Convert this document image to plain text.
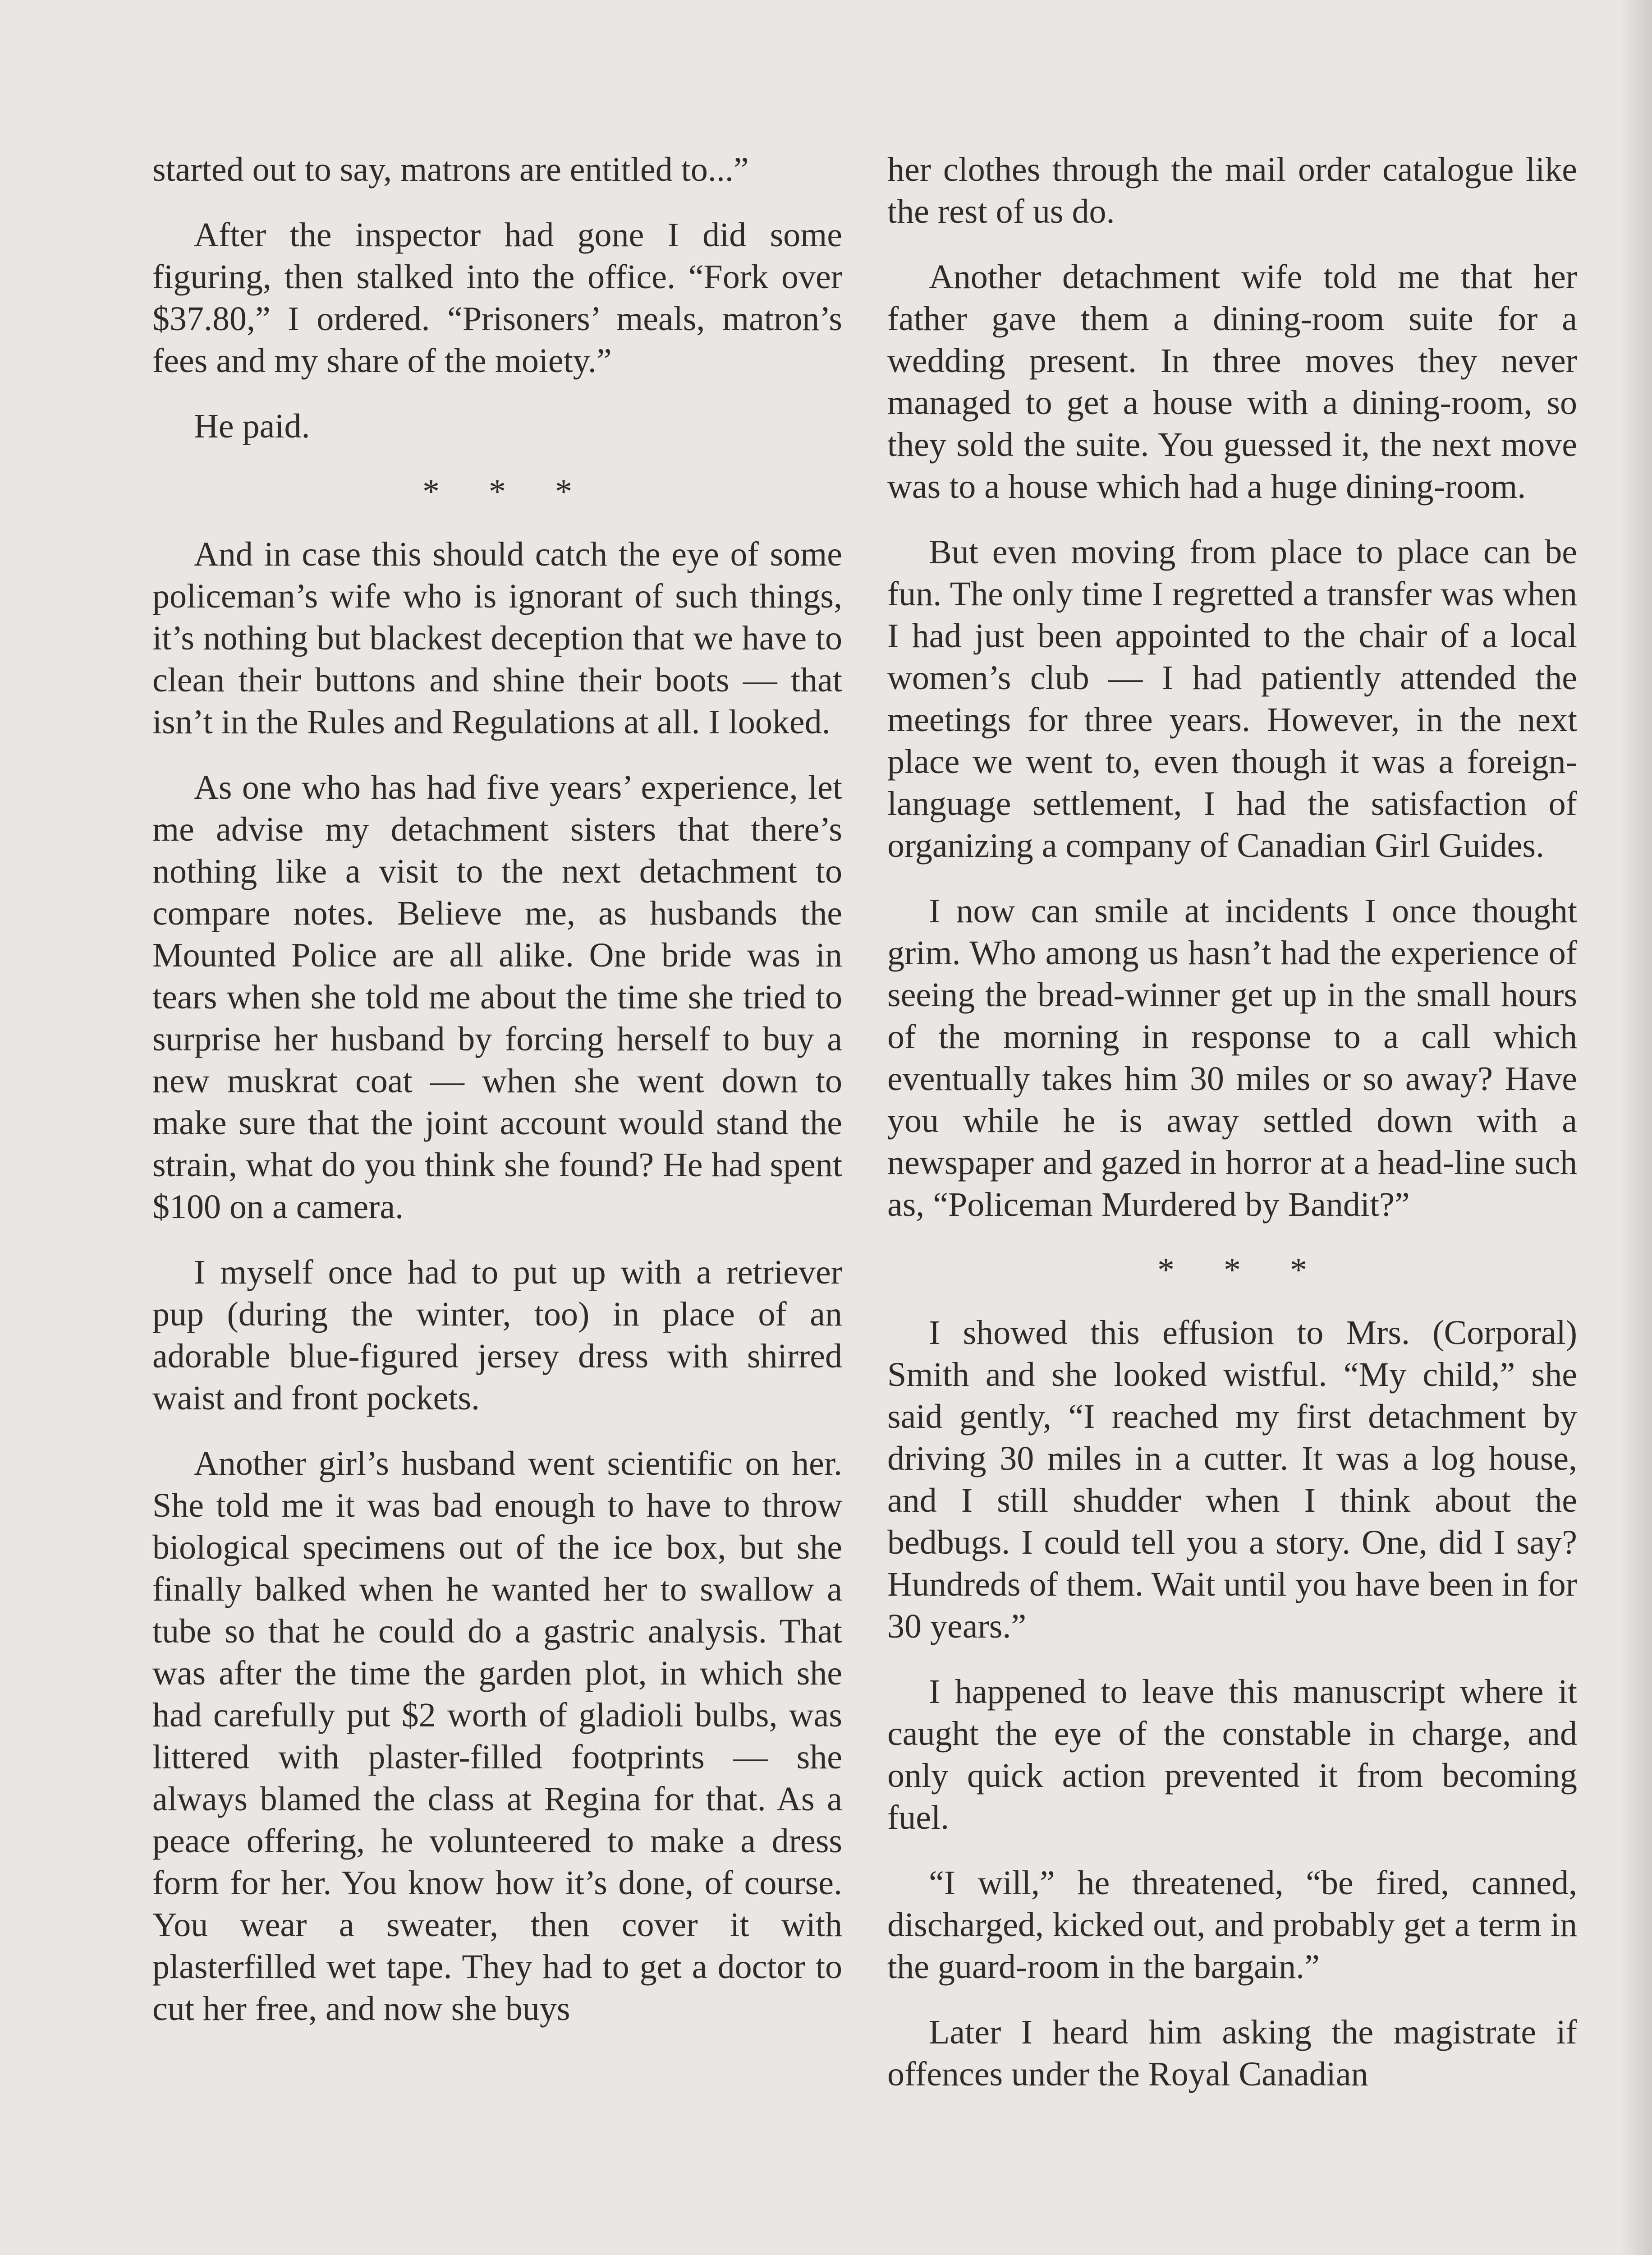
started out to say, matrons are entitled to...”

After the inspector had gone I did some figuring, then stalked into the office. “Fork over $37.80,” I ordered. “Prisoners’ meals, matron’s fees and my share of the moiety.”

He paid.

* * *

And in case this should catch the eye of some policeman’s wife who is ignorant of such things, it’s nothing but blackest deception that we have to clean their buttons and shine their boots — that isn’t in the Rules and Regulations at all. I looked.

As one who has had five years’ experience, let me advise my detachment sisters that there’s nothing like a visit to the next detachment to compare notes. Believe me, as husbands the Mounted Police are all alike. One bride was in tears when she told me about the time she tried to surprise her husband by forcing herself to buy a new muskrat coat — when she went down to make sure that the joint account would stand the strain, what do you think she found? He had spent $100 on a camera.

I myself once had to put up with a retriever pup (during the winter, too) in place of an adorable blue-figured jersey dress with shirred waist and front pockets.

Another girl’s husband went scientific on her. She told me it was bad enough to have to throw biological specimens out of the ice box, but she finally balked when he wanted her to swallow a tube so that he could do a gastric analysis. That was after the time the garden plot, in which she had carefully put $2 worth of gladioli bulbs, was littered with plaster-filled footprints — she always blamed the class at Regina for that. As a peace offering, he volunteered to make a dress form for her. You know how it’s done, of course. You wear a sweater, then cover it with plasterfilled wet tape. They had to get a doctor to cut her free, and now she buys

her clothes through the mail order catalogue like the rest of us do.

Another detachment wife told me that her father gave them a dining-room suite for a wedding present. In three moves they never managed to get a house with a dining-room, so they sold the suite. You guessed it, the next move was to a house which had a huge dining-room.

But even moving from place to place can be fun. The only time I regretted a transfer was when I had just been appointed to the chair of a local women’s club — I had patiently attended the meetings for three years. However, in the next place we went to, even though it was a foreign-language settlement, I had the satisfaction of organizing a company of Canadian Girl Guides.

I now can smile at incidents I once thought grim. Who among us hasn’t had the experience of seeing the bread-winner get up in the small hours of the morning in response to a call which eventually takes him 30 miles or so away? Have you while he is away settled down with a newspaper and gazed in horror at a head-line such as, “Policeman Murdered by Bandit?”

* * *

I showed this effusion to Mrs. (Corporal) Smith and she looked wistful. “My child,” she said gently, “I reached my first detachment by driving 30 miles in a cutter. It was a log house, and I still shudder when I think about the bedbugs. I could tell you a story. One, did I say? Hundreds of them. Wait until you have been in for 30 years.”

I happened to leave this manuscript where it caught the eye of the constable in charge, and only quick action prevented it from becoming fuel.

“I will,” he threatened, “be fired, canned, discharged, kicked out, and probably get a term in the guard-room in the bargain.”

Later I heard him asking the magistrate if offences under the Royal Canadian
